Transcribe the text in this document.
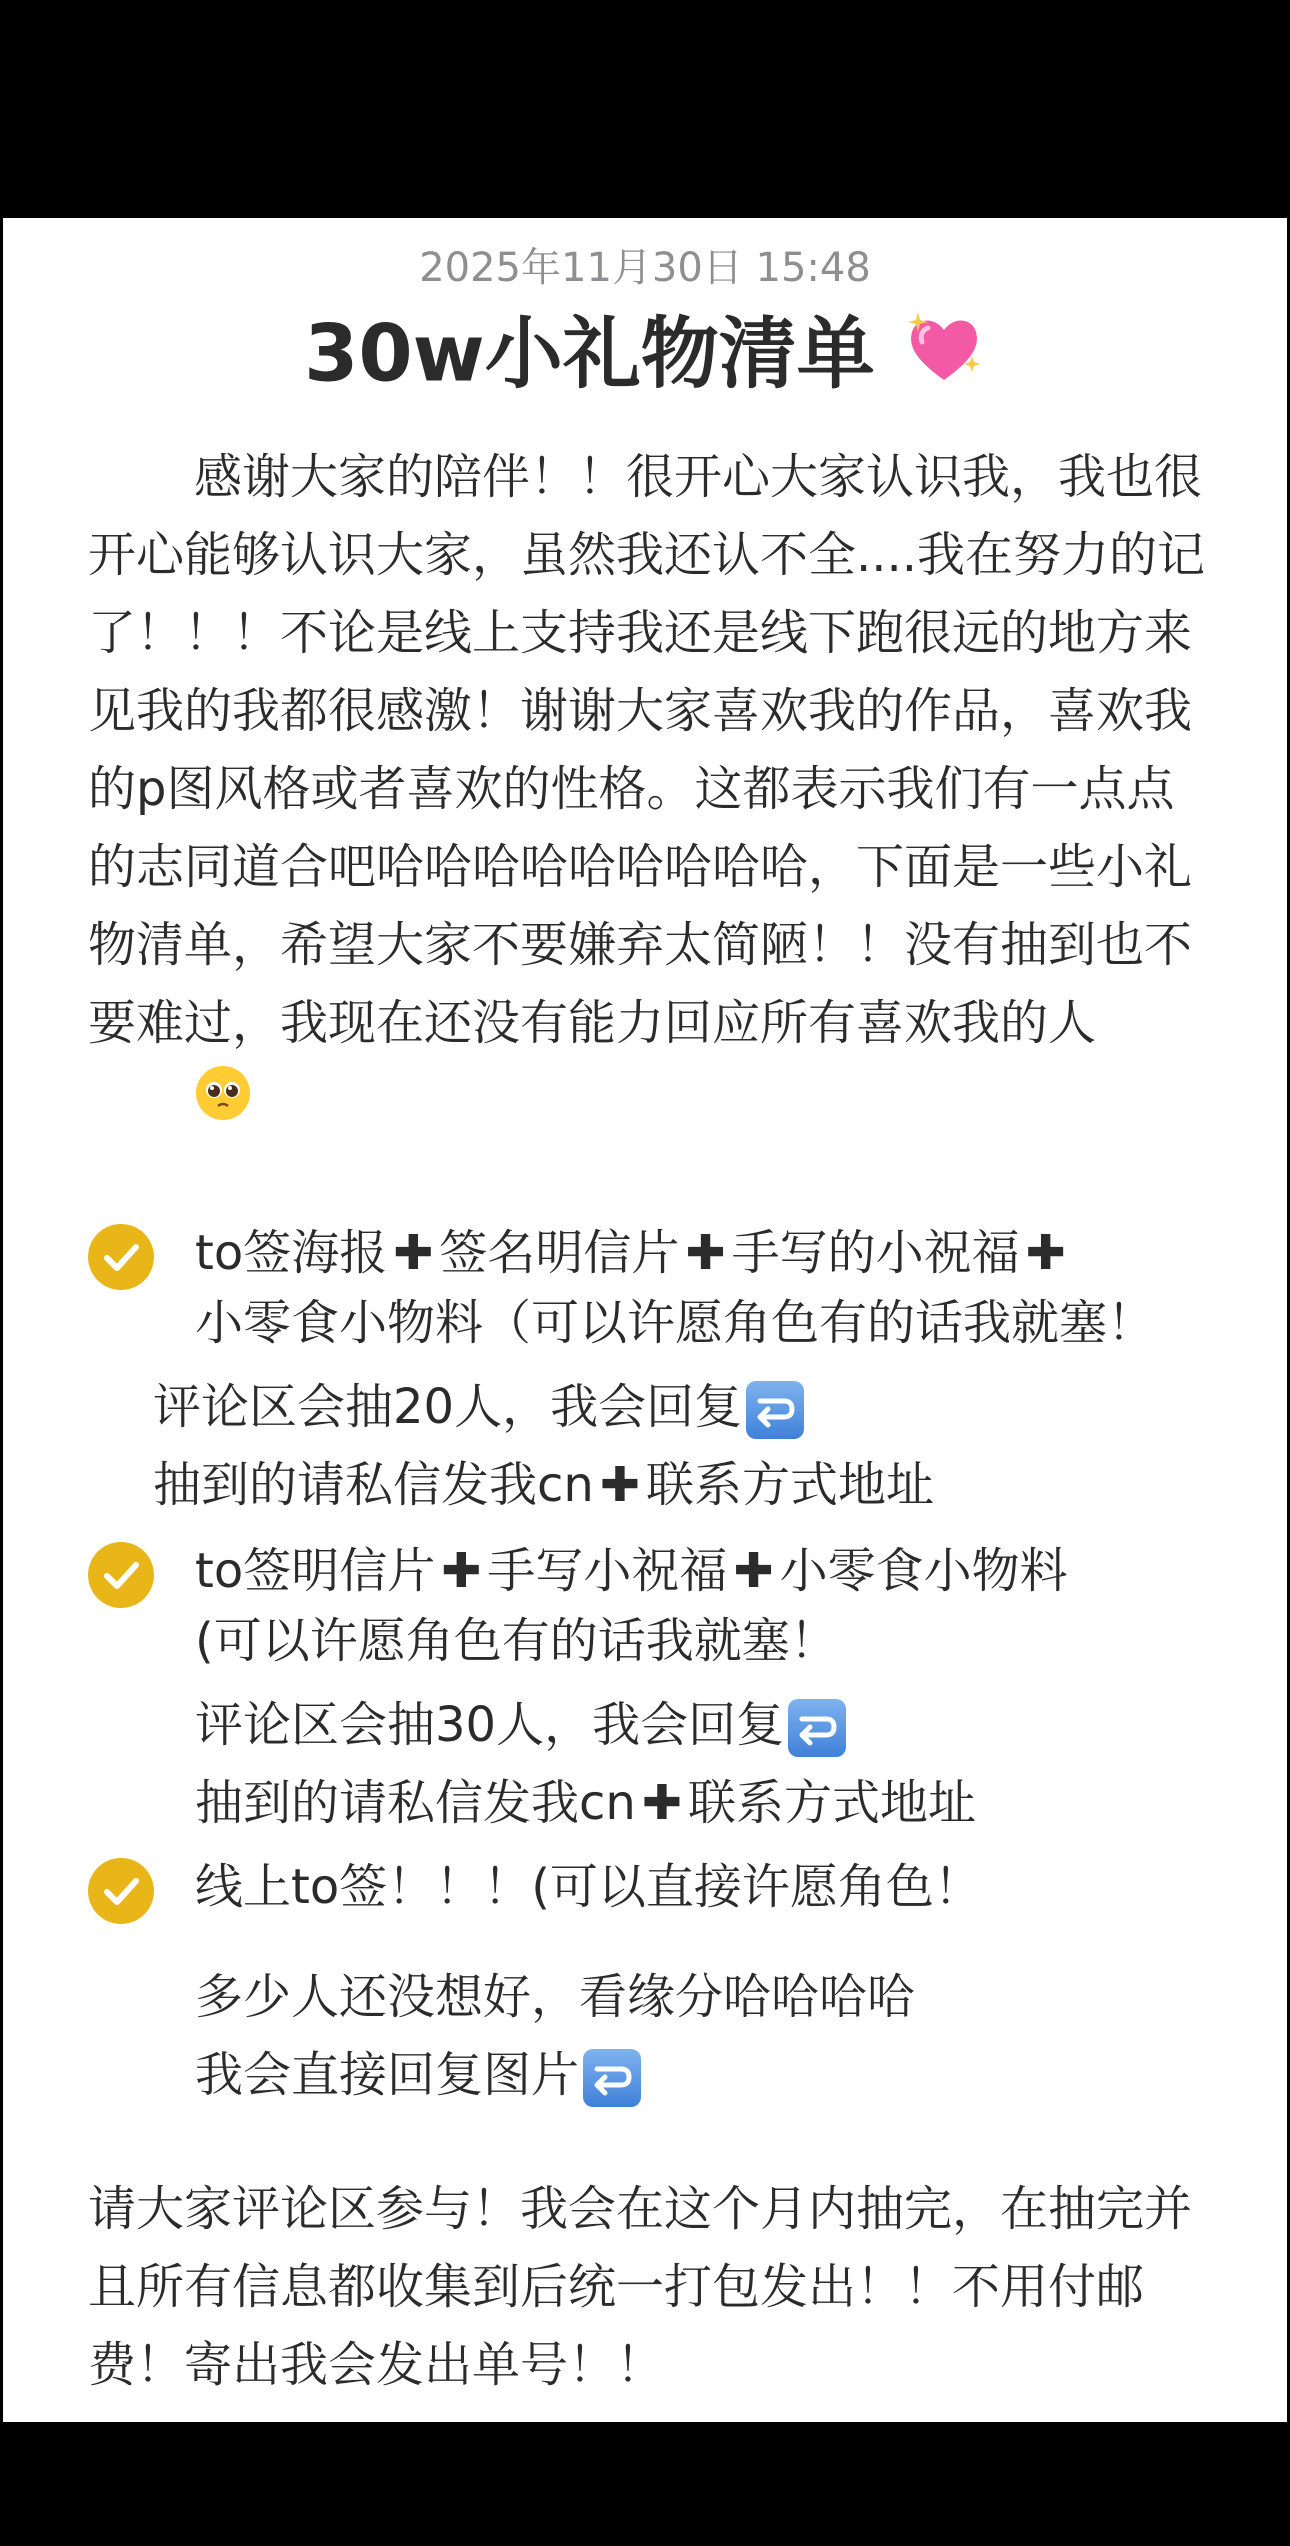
2025年11月30日 15:48
30w小礼物清单
感谢大家的陪伴！！很开心大家认识我，我也很开心能够认识大家，虽然我还认不全....我在努力的记了！！！不论是线上支持我还是线下跑很远的地方来见我的我都很感激！谢谢大家喜欢我的作品，喜欢我的p图风格或者喜欢的性格。这都表示我们有一点点的志同道合吧哈哈哈哈哈哈哈哈哈，下面是一些小礼物清单，希望大家不要嫌弃太简陋！！没有抽到也不要难过，我现在还没有能力回应所有喜欢我的人
to签海报 ✚ 签名明信片 ✚ 手写的小祝福 ✚
小零食小物料（可以许愿角色有的话我就塞！
评论区会抽20人，我会回复
抽到的请私信发我cn ✚ 联系方式地址
to签明信片 ✚ 手写小祝福 ✚ 小零食小物料
(可以许愿角色有的话我就塞！
评论区会抽30人，我会回复
抽到的请私信发我cn ✚ 联系方式地址
线上to签！！！(可以直接许愿角色！
多少人还没想好，看缘分哈哈哈哈
我会直接回复图片
请大家评论区参与！我会在这个月内抽完，在抽完并且所有信息都收集到后统一打包发出！！不用付邮费！寄出我会发出单号！！
